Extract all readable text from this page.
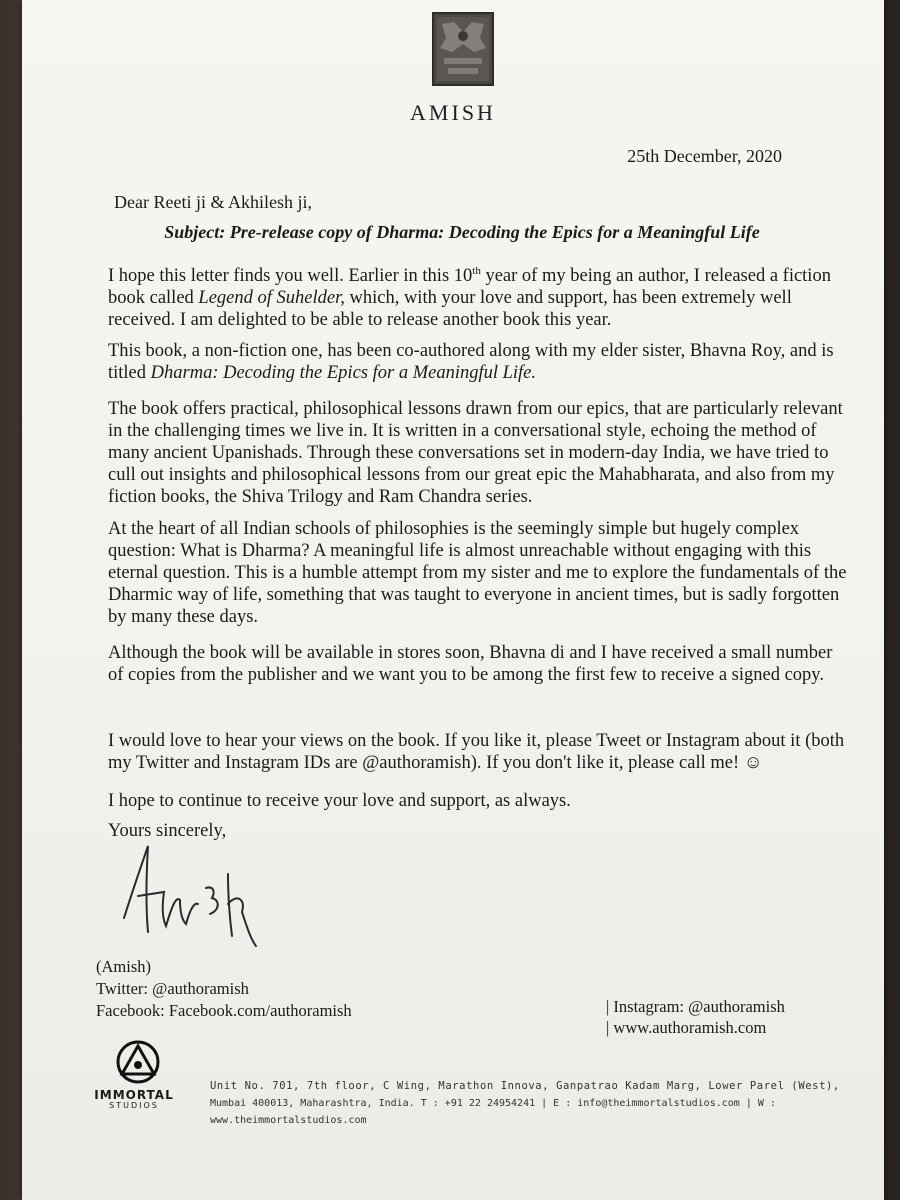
AMISH
25th December, 2020
Dear Reeti ji & Akhilesh ji,
Subject: Pre-release copy of Dharma: Decoding the Epics for a Meaningful Life

I hope this letter finds you well. Earlier in this 10th year of my being an author, I released a fiction book called Legend of Suhelder, which, with your love and support, has been extremely well received. I am delighted to be able to release another book this year.

This book, a non-fiction one, has been co-authored along with my elder sister, Bhavna Roy, and is titled Dharma: Decoding the Epics for a Meaningful Life.

The book offers practical, philosophical lessons drawn from our epics, that are particularly relevant in the challenging times we live in. It is written in a conversational style, echoing the method of many ancient Upanishads. Through these conversations set in modern-day India, we have tried to cull out insights and philosophical lessons from our great epic the Mahabharata, and also from my fiction books, the Shiva Trilogy and Ram Chandra series.

At the heart of all Indian schools of philosophies is the seemingly simple but hugely complex question: What is Dharma? A meaningful life is almost unreachable without engaging with this eternal question. This is a humble attempt from my sister and me to explore the fundamentals of the Dharmic way of life, something that was taught to everyone in ancient times, but is sadly forgotten by many these days.

Although the book will be available in stores soon, Bhavna di and I have received a small number of copies from the publisher and we want you to be among the first few to receive a signed copy.

I would love to hear your views on the book. If you like it, please Tweet or Instagram about it (both my Twitter and Instagram IDs are @authoramish). If you don't like it, please call me! ☺

I hope to continue to receive your love and support, as always.

Yours sincerely,

(Amish)
Twitter: @authoramish
Facebook: Facebook.com/authoramish	| Instagram: @authoramish
| www.authoramish.com
IMMORTAL
STUDIOS
Unit No. 701, 7th floor, C Wing, Marathon Innova, Ganpatrao Kadam Marg, Lower Parel (West),
Mumbai 400013, Maharashtra, India. T : +91 22 24954241 | E : info@theimmortalstudios.com | W : www.theimmortalstudios.com
